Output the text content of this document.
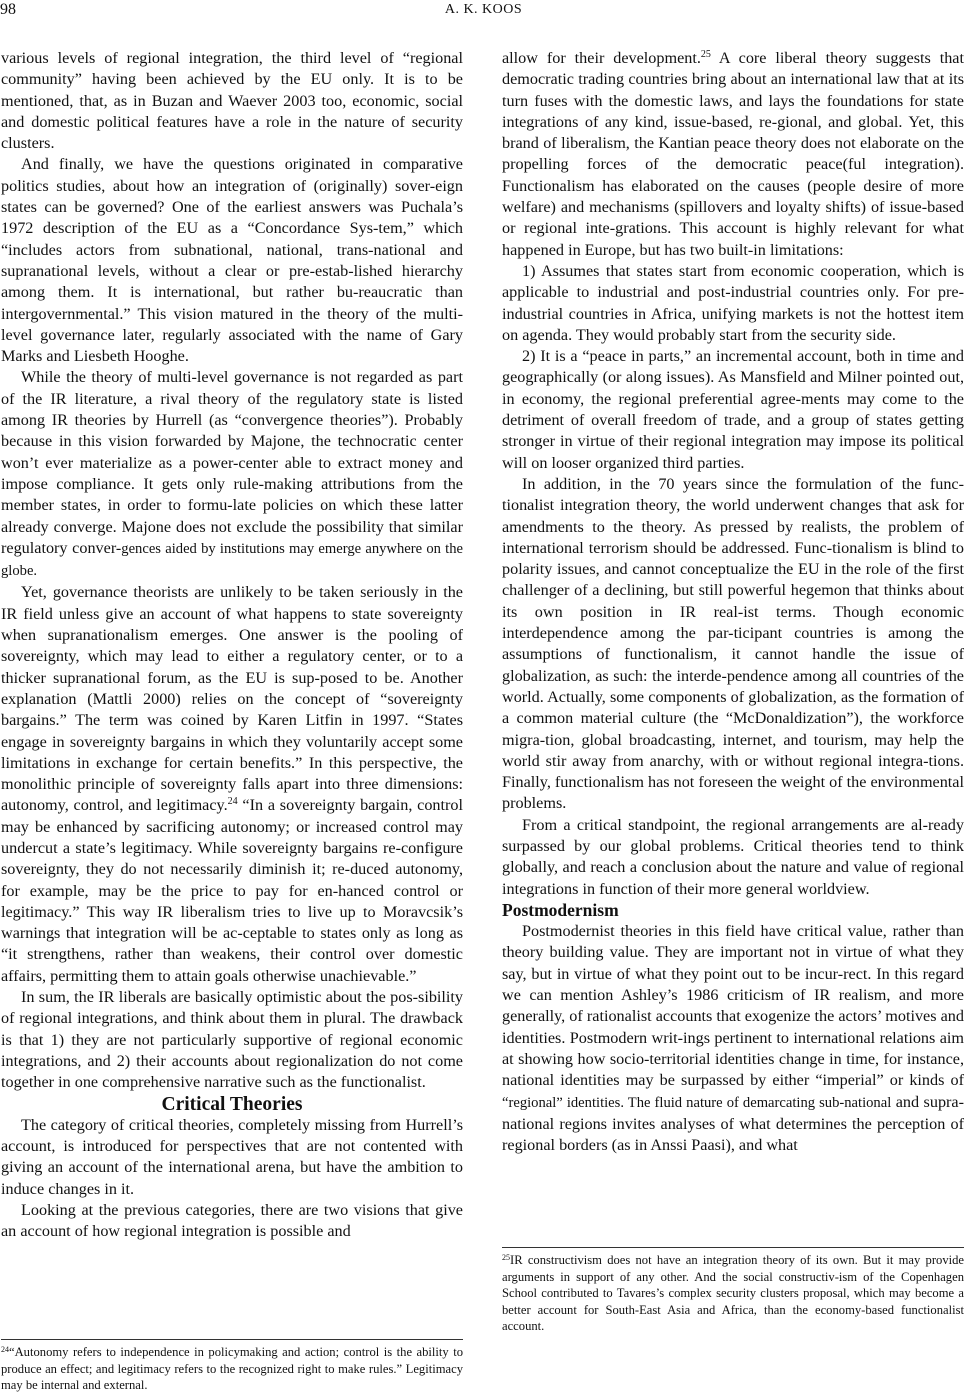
98	A. K. KOOS

various levels of regional integration, the third level of “regional community” having been achieved by the EU only. It is to be mentioned, that, as in Buzan and Waever 2003 too, economic, social and domestic political features have a role in the nature of security clusters.

And finally, we have the questions originated in comparative politics studies, about how an integration of (originally) sover-eign states can be governed? One of the earliest answers was Puchala’s 1972 description of the EU as a “Concordance Sys-tem,” which “includes actors from subnational, national, trans-national and supranational levels, without a clear or pre-estab-lished hierarchy among them. It is international, but rather bu-reaucratic than intergovernmental.” This vision matured in the theory of the multi-level governance later, regularly associated with the name of Gary Marks and Liesbeth Hooghe.

While the theory of multi-level governance is not regarded as part of the IR literature, a rival theory of the regulatory state is listed among IR theories by Hurrell (as “convergence theories”). Probably because in this vision forwarded by Majone, the technocratic center won’t ever materialize as a power-center able to extract money and impose compliance. It gets only rule-making attributions from the member states, in order to formu-late policies on which these latter already converge. Majone does not exclude the possibility that similar regulatory conver-gences aided by institutions may emerge anywhere on the globe.

Yet, governance theorists are unlikely to be taken seriously in the IR field unless give an account of what happens to state sovereignty when supranationalism emerges. One answer is the pooling of sovereignty, which may lead to either a regulatory center, or to a thicker supranational forum, as the EU is sup-posed to be. Another explanation (Mattli 2000) relies on the concept of “sovereignty bargains.” The term was coined by Karen Litfin in 1997. “States engage in sovereignty bargains in which they voluntarily accept some limitations in exchange for certain benefits.” In this perspective, the monolithic principle of sovereignty falls apart into three dimensions: autonomy, control, and legitimacy.$^{24}$ “In a sovereignty bargain, control may be enhanced by sacrificing autonomy; or increased control may undercut a state’s legitimacy. While sovereignty bargains re-configure sovereignty, they do not necessarily diminish it; re-duced autonomy, for example, may be the price to pay for en-hanced control or legitimacy.” This way IR liberalism tries to live up to Moravcsik’s warnings that integration will be ac-ceptable to states only as long as “it strengthens, rather than weakens, their control over domestic affairs, permitting them to attain goals otherwise unachievable.”

In sum, the IR liberals are basically optimistic about the pos-sibility of regional integrations, and think about them in plural. The drawback is that 1) they are not particularly supportive of regional economic integrations, and 2) their accounts about regionalization do not come together in one comprehensive narrative such as the functionalist.

Critical Theories

The category of critical theories, completely missing from Hurrell’s account, is introduced for perspectives that are not contented with giving an account of the international arena, but have the ambition to induce changes in it.

Looking at the previous categories, there are two visions that give an account of how regional integration is possible and

allow for their development.$^{25}$ A core liberal theory suggests that democratic trading countries bring about an international law that at its turn fuses with the domestic laws, and lays the foundations for state integrations of any kind, issue-based, re-gional, and global. Yet, this brand of liberalism, the Kantian peace theory does not elaborate on the propelling forces of the democratic peace(ful integration). Functionalism has elaborated on the causes (people desire of more welfare) and mechanisms (spillovers and loyalty shifts) of issue-based or regional inte-grations. This account is highly relevant for what happened in Europe, but has two built-in limitations:

1) Assumes that states start from economic cooperation, which is applicable to industrial and post-industrial countries only. For pre-industrial countries in Africa, unifying markets is not the hottest item on agenda. They would probably start from the security side.

2) It is a “peace in parts,” an incremental account, both in time and geographically (or along issues). As Mansfield and Milner pointed out, in economy, the regional preferential agree-ments may come to the detriment of overall freedom of trade, and a group of states getting stronger in virtue of their regional integration may impose its political will on looser organized third parties.

In addition, in the 70 years since the formulation of the func-tionalist integration theory, the world underwent changes that ask for amendments to the theory. As pressed by realists, the problem of international terrorism should be addressed. Func-tionalism is blind to polarity issues, and cannot conceptualize the EU in the role of the first challenger of a declining, but still powerful hegemon that thinks about its own position in IR real-ist terms. Though economic interdependence among the par-ticipant countries is among the assumptions of functionalism, it cannot handle the issue of globalization, as such: the interde-pendence among all countries of the world. Actually, some components of globalization, as the formation of a common material culture (the “McDonaldization”), the workforce migra-tion, global broadcasting, internet, and tourism, may help the world stir away from anarchy, with or without regional integra-tions. Finally, functionalism has not foreseen the weight of the environmental problems.

From a critical standpoint, the regional arrangements are al-ready surpassed by our global problems. Critical theories tend to think globally, and reach a conclusion about the nature and value of regional integrations in function of their more general worldview.

Postmodernism

Postmodernist theories in this field have critical value, rather than theory building value. They are important not in virtue of what they say, but in virtue of what they point out to be incur-rect. In this regard we can mention Ashley’s 1986 criticism of IR realism, and more generally, of rationalist accounts that exogenize the actors’ motives and identities. Postmodern writ-ings pertinent to international relations aim at showing how socio-territorial identities change in time, for instance, national identities may be surpassed by either “imperial” or kinds of “regional” identities. The fluid nature of demarcating sub-national and supra-national regions invites analyses of what determines the perception of regional borders (as in Anssi Paasi), and what

$^{24}$“Autonomy refers to independence in policymaking and action; control is the ability to produce an effect; and legitimacy refers to the recognized right to make rules.” Legitimacy may be internal and external.
$^{25}$IR constructivism does not have an integration theory of its own. But it may provide arguments in support of any other. And the social constructiv-ism of the Copenhagen School contributed to Tavares’s complex security clusters proposal, which may become a better account for South-East Asia and Africa, than the economy-based functionalist account.
